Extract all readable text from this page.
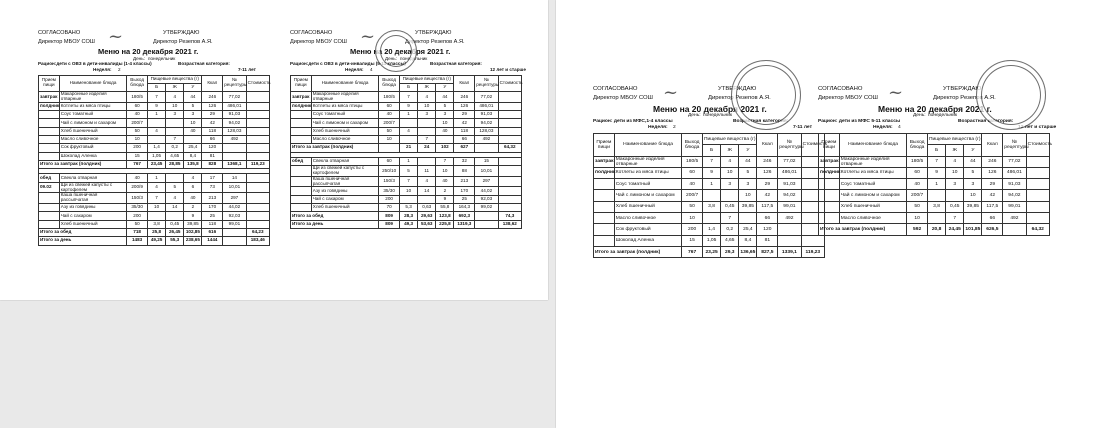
СОГЛАСОВАНО	УТВЕРЖДАЮ
Директор МБОУ СОШ	Директор Резепов А.Я.
~
Меню на 20 декабря 2021 г.
День: понедельник
Рацион:дети с ОВЗ в дети-инвалиды (1-4 классы)
Неделя: 2
Возрастная категория:
7-11 лет
Прием пищи	Наименование блюда	Выход блюда	Пищевые вещества (г)			Ккал	№ рецептуры	Стоимость
			Б	Ж	У			
завтрак	Макаронные изделия отварные	180/5	7	4	44	246	77,02	
полдник	Котлеты из мяса птицы	60	9	10	5	126	486,01	
	Соус томатный	40	1	3	3	29	91,03	
	Чай с лимоном и сахаром	200/7			10	42	94,02	
	Хлеб пшеничный	50	4		40	118	128,03	
	Масло сливочное	10		7		66	492	
	Сок фруктовый	200	1,4	0,2	25,4	120		
	Шоколад Аленка	15	1,05	4,65	8,4	81		
Итого за завтрак (полдник)		767	23,45	28,85	135,8	828	1368,1	119,23

обед	Свекла отварная	40	1		4	17	14	
09.02	Щи из свежей капусты с картофелем	200/9	4	5	6	73	10,01	
	Каша пшеничная рассыпчатая	150/3	7	4	40	213	297	
	Азу из говядины	35/30	10	14	2	170	44,02	
	Чай с сахаром	200			9	25	92,03	
	Хлеб пшеничный	50	3,8	0,45	39,85	118	99,01	
Итого за обед		718	25,8	26,45	102,85	616		64,23
Итого за день		1483	49,25	55,3	238,65	1444		183,46
СОГЛАСОВАНО	УТВЕРЖДАЮ
Директор МБОУ СОШ	Директор Резепов А.Я.
~
Меню на 20 декабря 2021 г.
День: понедельник
Рацион:дети с ОВЗ в дети-инвалиды (5-11 классы)
Неделя: 4
Возрастная категория:
12 лет и старше
Прием пищи	Наименование блюда	Выход блюда	Пищевые вещества (г)			Ккал	№ рецептуры	Стоимость
			Б	Ж	У			
завтрак	Макаронные изделия отварные	180/5	7	4	44	246	77,02	
полдник	Котлеты из мяса птицы	60	9	10	5	126	486,01	
	Соус томатный	40	1	3	3	29	91,03	
	Чай с лимоном и сахаром	200/7			10	42	94,02	
	Хлеб пшеничный	50	4		40	118	128,03	
	Масло сливочное	10		7		66	492	
Итого за завтрак (полдник)			21	24	102	627		64,32

обед	Свекла отварная	60	1		7	32	15	
	Щи из свежей капусты с картофелем	250/10	5	11	10	88	10,01	
	Каша пшеничная рассыпчатая	150/3	7	4	40	213	297	
	Азу из говядины	35/30	10	14	2	170	44,02	
	Чай с сахаром	200			9	25	92,03	
	Хлеб пшеничный	70	5,3	0,63	55,8	164,3	99,02	
Итого за обед		809	28,3	29,63	123,8	692,3		74,3
Итого за день		809	49,3	53,63	225,8	1319,3		138,62
СОГЛАСОВАНО	УТВЕРЖДАЮ
Директор МБОУ СОШ	Директор Резепов А.Я.
~
Меню на 20 декабря 2021 г.
День: понедельник
Рацион: дети из МФС,1-4 классы
Неделя: 2
Возрастная категория:
7-11 лет
Прием пищи	Наименование блюда	Выход блюда	Пищевые вещества (г)			Ккал	№ рецептуры	Стоимость
			Б	Ж	У			
завтрак	Макаронные изделия отварные	180/5	7	4	44	246	77,02	
полдник	Котлеты из мяса птицы	60	9	10	5	126	486,01	
	Соус томатный	40	1	3	3	29	91,03	
	Чай с лимоном и сахаром	200/7			10	42	94,02	
	Хлеб пшеничный	50	3,8	0,45	39,85	117,5	99,01	
	Масло сливочное	10		7		66	492	
	Сок фруктовый	200	1,4	0,2	25,4	120		
	Шоколад Аленка	15	1,05	4,65	8,4	81		
Итого за завтрак (полдник)		767	23,25	29,3	136,65	827,5	1339,1	119,23
СОГЛАСОВАНО	УТВЕРЖДАЮ
Директор МБОУ СОШ	Директор Резепов А.Я.
~
Меню на 20 декабря 2021 г.
День: понедельник
Рацион: дети из МФС 5-11 классы
Неделя: 4
Возрастная категория:
12 лет и старше
Прием пищи	Наименование блюда	Выход блюда	Пищевые вещества (г)			Ккал	№ рецептуры	Стоимость
			Б	Ж	У			
завтрак	Макаронные изделия отварные	180/5	7	4	44	246	77,02	
полдник	Котлеты из мяса птицы	60	9	10	5	126	486,01	
	Соус томатный	40	1	3	3	29	91,03	
	Чай с лимоном и сахаром	200/7			10	42	94,02	
	Хлеб пшеничный	50	3,8	0,45	39,85	117,5	99,01	
	Масло сливочное	10		7		66	492	
Итого за завтрак (полдник)		592	20,8	24,45	101,85	626,5		64,32
